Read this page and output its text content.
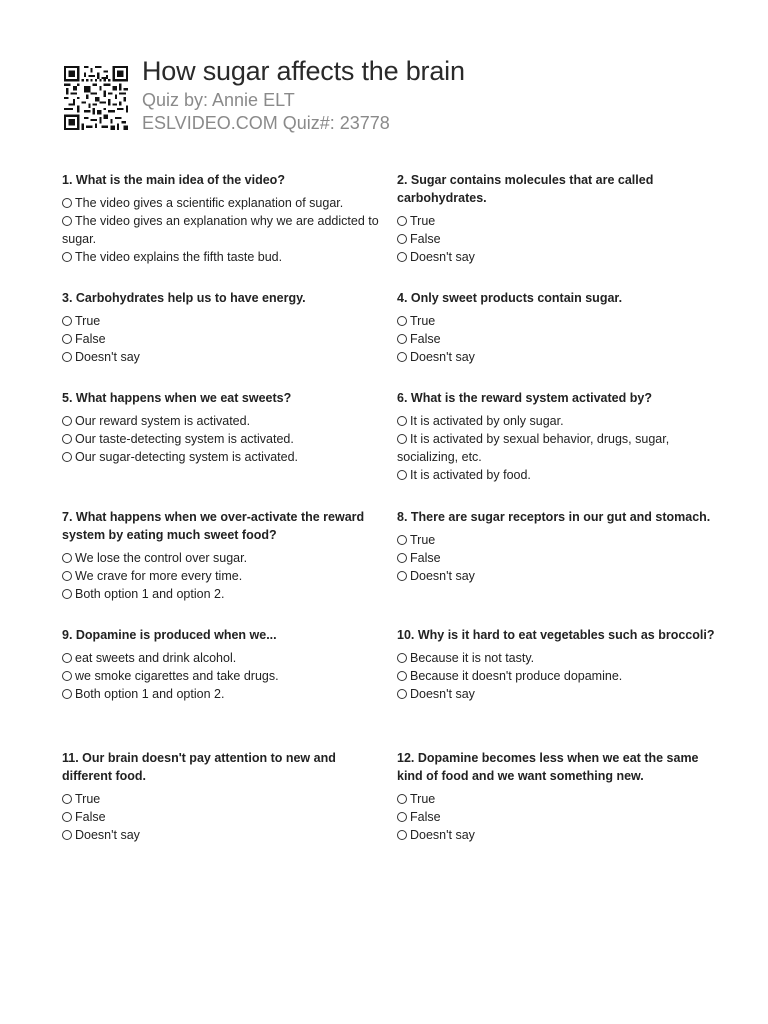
How sugar affects the brain
Quiz by: Annie ELT
ESLVIDEO.COM Quiz#: 23778
1. What is the main idea of the video?
The video gives a scientific explanation of sugar.
The video gives an explanation why we are addicted to sugar.
The video explains the fifth taste bud.
2. Sugar contains molecules that are called carbohydrates.
True
False
Doesn't say
3. Carbohydrates help us to have energy.
True
False
Doesn't say
4. Only sweet products contain sugar.
True
False
Doesn't say
5. What happens when we eat sweets?
Our reward system is activated.
Our taste-detecting system is activated.
Our sugar-detecting system is activated.
6. What is the reward system activated by?
It is activated by only sugar.
It is activated by sexual behavior, drugs, sugar, socializing, etc.
It is activated by food.
7. What happens when we over-activate the reward system by eating much sweet food?
We lose the control over sugar.
We crave for more every time.
Both option 1 and option 2.
8. There are sugar receptors in our gut and stomach.
True
False
Doesn't say
9. Dopamine is produced when we...
eat sweets and drink alcohol.
we smoke cigarettes and take drugs.
Both option 1 and option 2.
10. Why is it hard to eat vegetables such as broccoli?
Because it is not tasty.
Because it doesn't produce dopamine.
Doesn't say
11. Our brain doesn't pay attention to new and different food.
True
False
Doesn't say
12. Dopamine becomes less when we eat the same kind of food and we want something new.
True
False
Doesn't say
